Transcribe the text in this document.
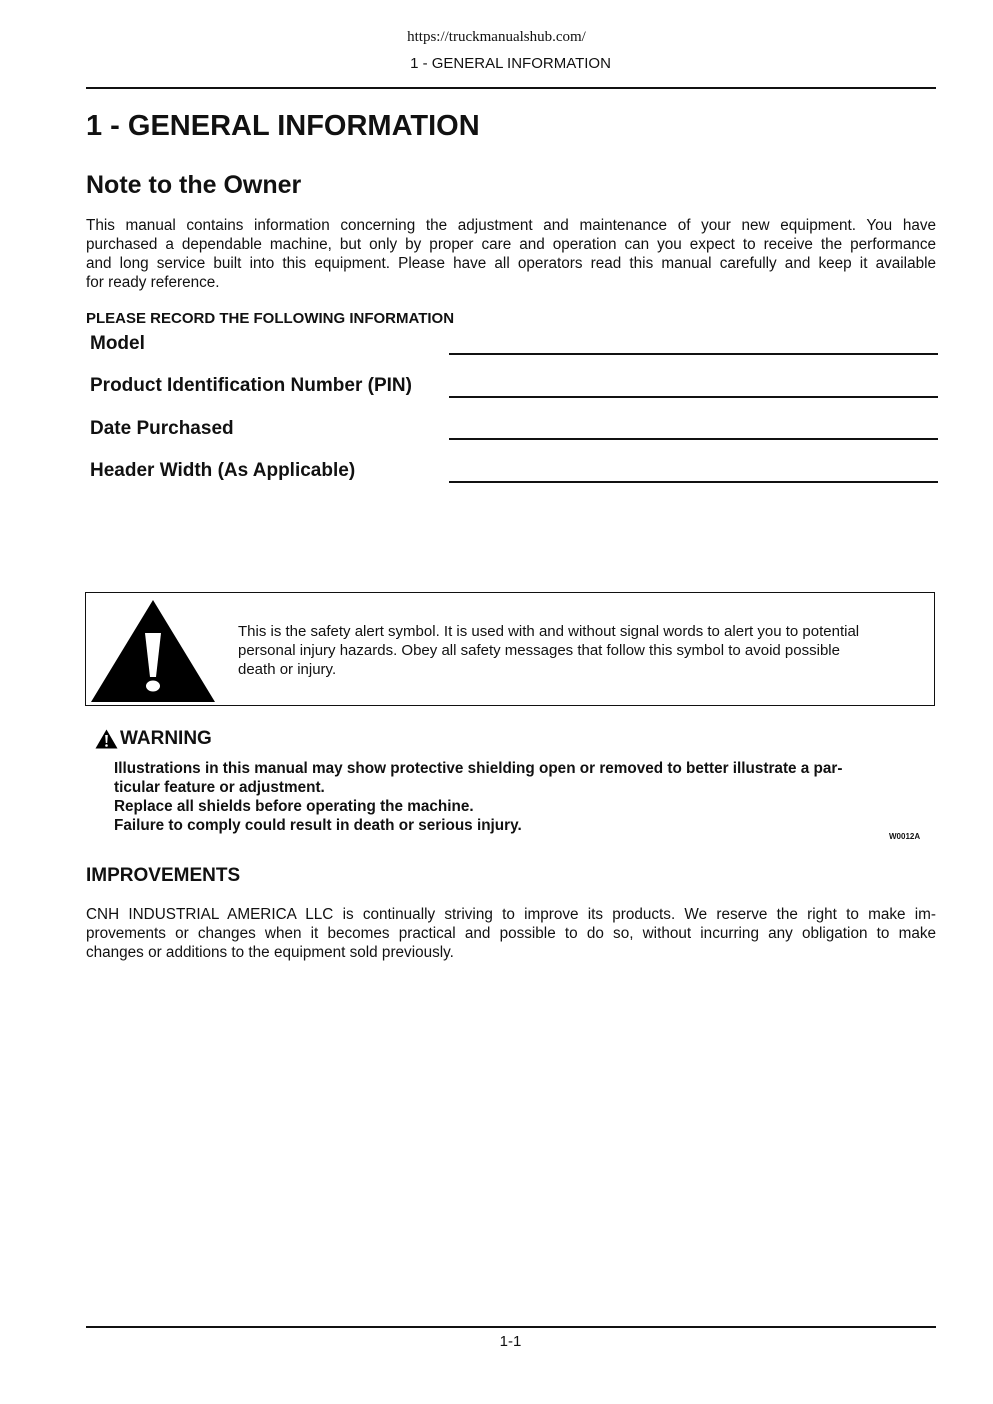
https://truckmanualshub.com/
1 - GENERAL INFORMATION
1 - GENERAL INFORMATION
Note to the Owner

This manual contains information concerning the adjustment and maintenance of your new equipment. You have
purchased a dependable machine, but only by proper care and operation can you expect to receive the performance
and long service built into this equipment. Please have all operators read this manual carefully and keep it available
for ready reference.

PLEASE RECORD THE FOLLOWING INFORMATION
Model
Product Identification Number (PIN)
Date Purchased
Header Width (As Applicable)
This is the safety alert symbol. It is used with and without signal words to alert you to potential
personal injury hazards. Obey all safety messages that follow this symbol to avoid possible
death or injury.
WARNING
Illustrations in this manual may show protective shielding open or removed to better illustrate a par-
ticular feature or adjustment.
Replace all shields before operating the machine.
Failure to comply could result in death or serious injury.
W0012A
IMPROVEMENTS

CNH INDUSTRIAL AMERICA LLC is continually striving to improve its products. We reserve the right to make im-
provements or changes when it becomes practical and possible to do so, without incurring any obligation to make
changes or additions to the equipment sold previously.

1-1
